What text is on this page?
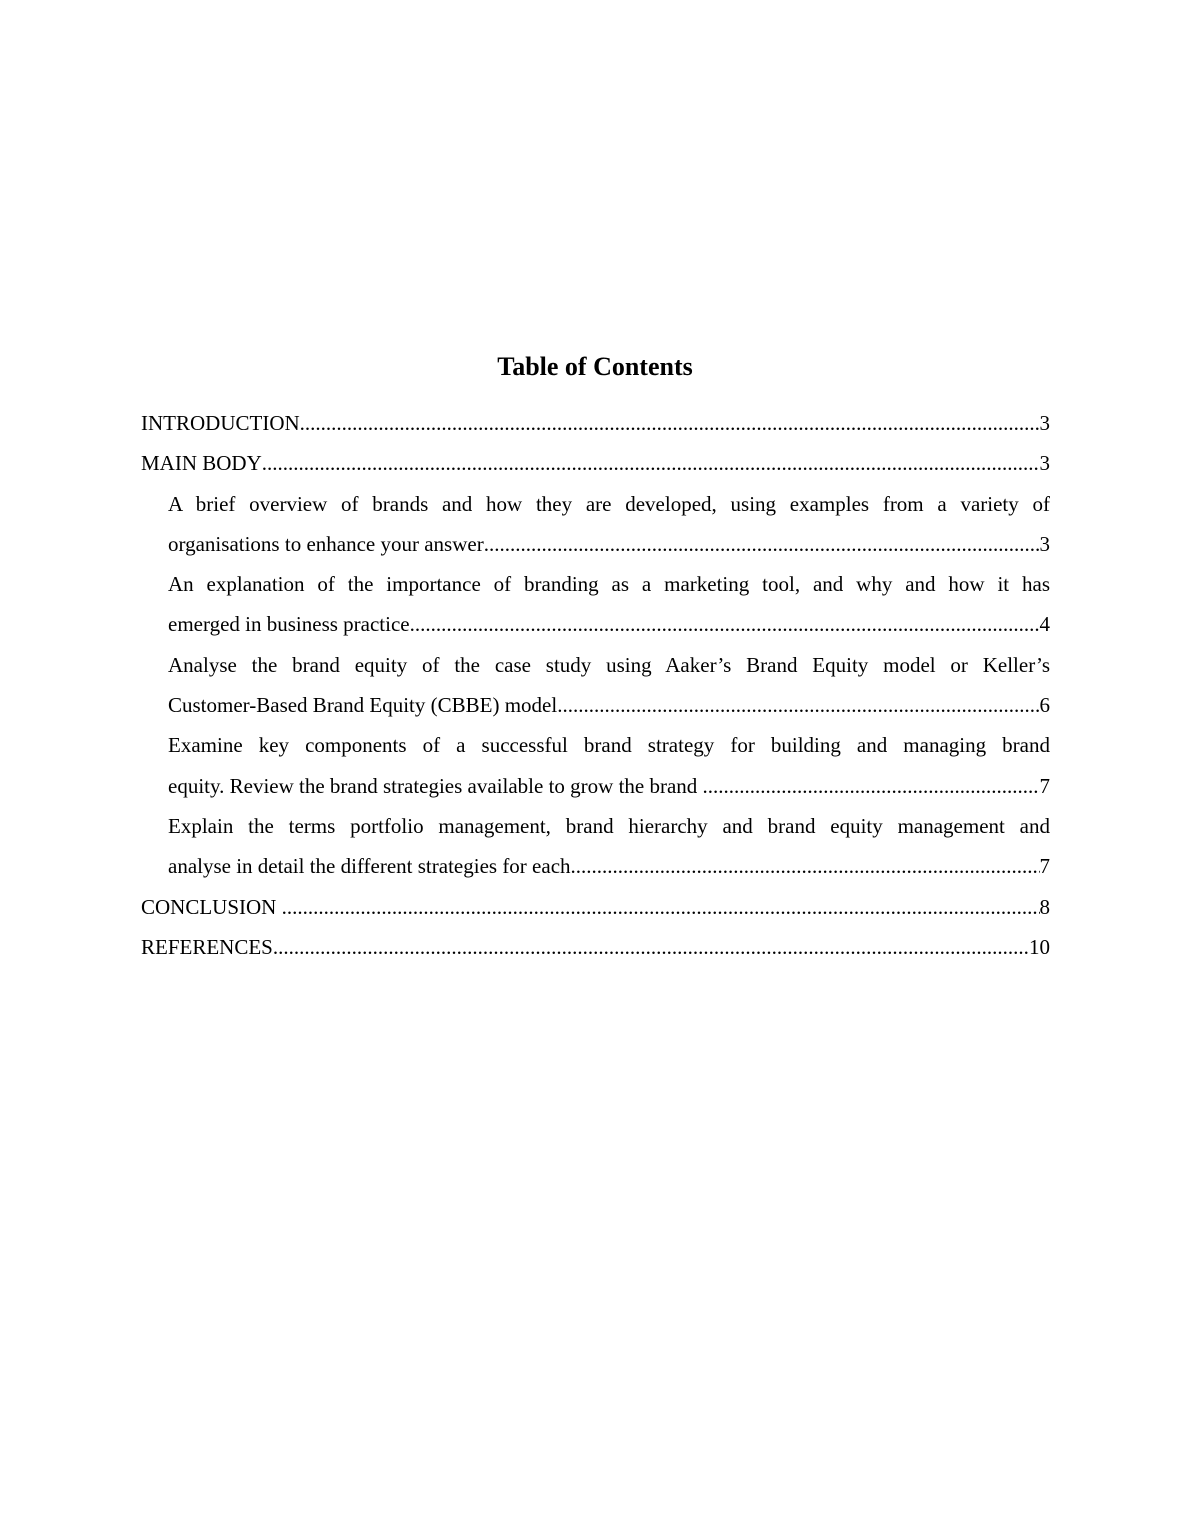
Table of Contents
INTRODUCTION .....	3
MAIN BODY .....	3
A brief overview of brands and how they are developed, using examples from a variety of
organisations to enhance your answer .....	3
An explanation of the importance of branding as a marketing tool, and why and how it has
emerged in business practice .....	4
Analyse the brand equity of the case study using Aaker’s Brand Equity model or Keller’s
Customer-Based Brand Equity (CBBE) model .....	6
Examine key components of a successful brand strategy for building and managing brand
equity. Review the brand strategies available to grow the brand .....	7
Explain the terms portfolio management, brand hierarchy and brand equity management and
analyse in detail the different strategies for each .....	7
CONCLUSION .....	8
REFERENCES .....	10
